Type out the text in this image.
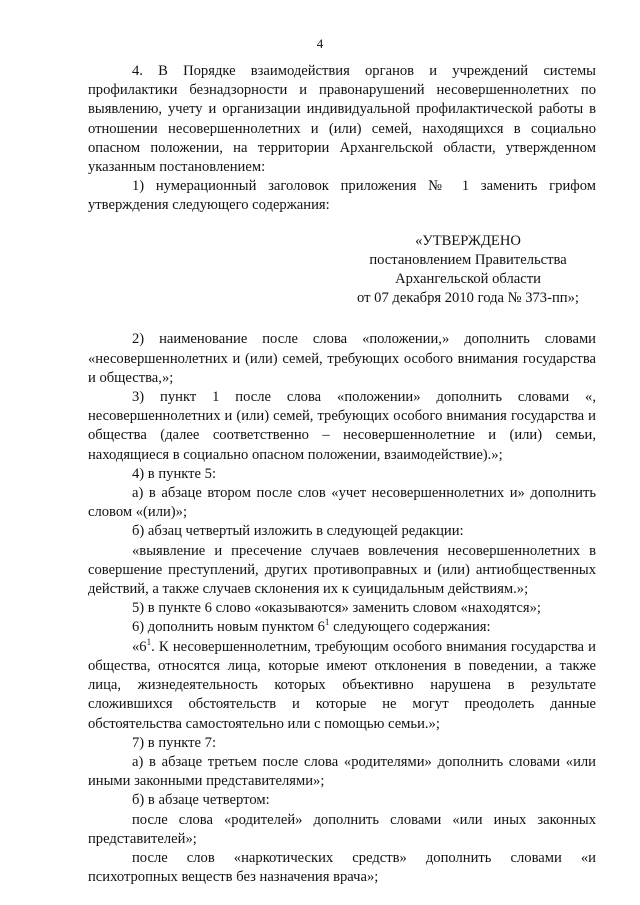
4

4. В Порядке взаимодействия органов и учреждений системы профилактики безнадзорности и правонарушений несовершеннолетних по выявлению, учету и организации индивидуальной профилактической работы в отношении несовершеннолетних и (или) семей, находящихся в социально опасном положении, на территории Архангельской области, утвержденном указанным постановлением:

1) нумерационный заголовок приложения № 1 заменить грифом утверждения следующего содержания:

«УТВЕРЖДЕНО
постановлением Правительства
Архангельской области
от 07 декабря 2010 года № 373-пп»;

2) наименование после слова «положении,» дополнить словами «несовершеннолетних и (или) семей, требующих особого внимания государства и общества,»;

3) пункт 1 после слова «положении» дополнить словами «, несовершеннолетних и (или) семей, требующих особого внимания государства и общества (далее соответственно – несовершеннолетние и (или) семьи, находящиеся в социально опасном положении, взаимодействие).»;

4) в пункте 5:

а) в абзаце втором после слов «учет несовершеннолетних и» дополнить словом «(или)»;

б) абзац четвертый изложить в следующей редакции:

«выявление и пресечение случаев вовлечения несовершеннолетних в совершение преступлений, других противоправных и (или) антиобщественных действий, а также случаев склонения их к суицидальным действиям.»;

5) в пункте 6 слово «оказываются» заменить словом «находятся»;

6) дополнить новым пунктом $6^1$ следующего содержания:

«$6^1$. К несовершеннолетним, требующим особого внимания государства и общества, относятся лица, которые имеют отклонения в поведении, а также лица, жизнедеятельность которых объективно нарушена в результате сложившихся обстоятельств и которые не могут преодолеть данные обстоятельства самостоятельно или с помощью семьи.»;

7) в пункте 7:

а) в абзаце третьем после слова «родителями» дополнить словами «или иными законными представителями»;

б) в абзаце четвертом:

после слова «родителей» дополнить словами «или иных законных представителей»;

после слов «наркотических средств» дополнить словами «и психотропных веществ без назначения врача»;
